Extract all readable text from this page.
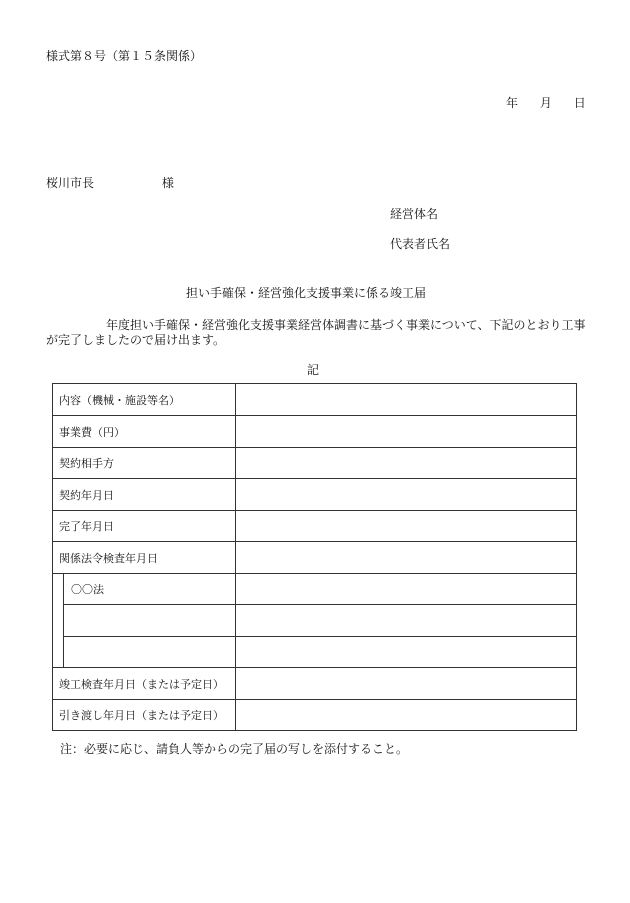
様式第８号（第１５条関係）
年 月 日
桜川市長	様
経営体名
代表者氏名
担い手確保・経営強化支援事業に係る竣工届
年度担い手確保・経営強化支援事業経営体調書に基づく事業について、下記のとおり工事が完了しましたので届け出ます。
記
内容（機械・施設等名）
事業費（円）
契約相手方
契約年月日
完了年月日
関係法令検査年月日
〇〇法
竣工検査年月日（または予定日）
引き渡し年月日（または予定日）
注：必要に応じ、請負人等からの完了届の写しを添付すること。
